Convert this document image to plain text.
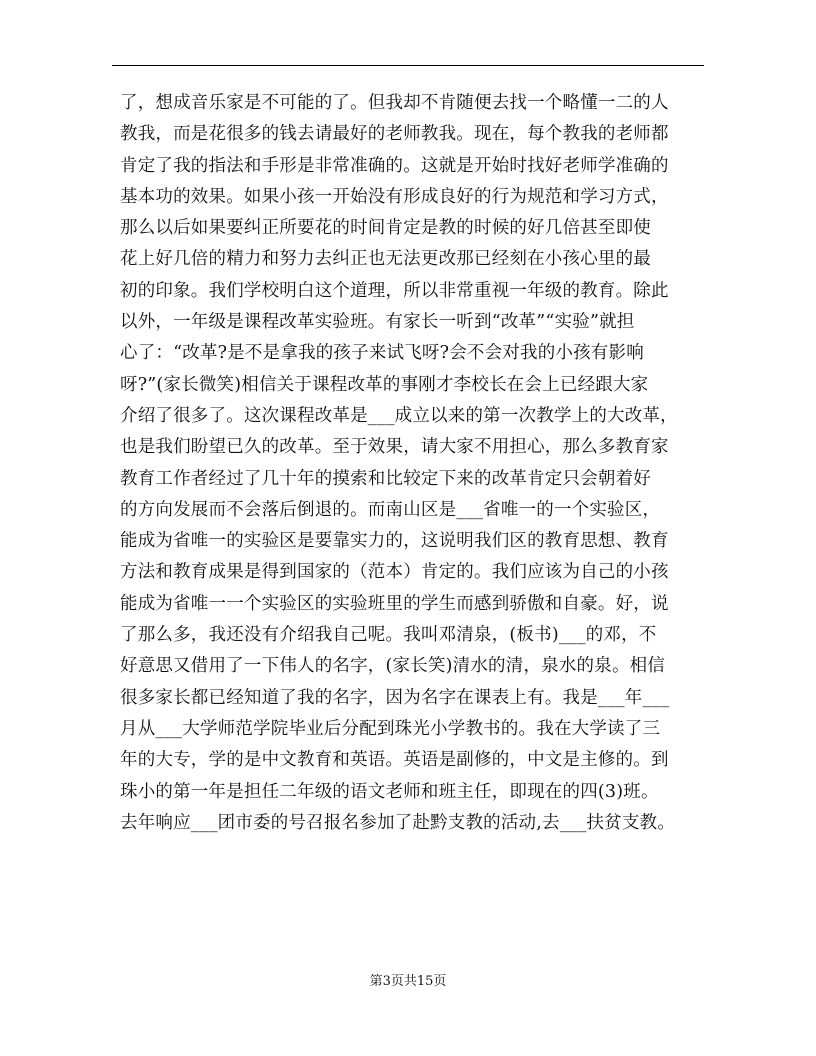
了，想成音乐家是不可能的了。但我却不肯随便去找一个略懂一二的人
教我，而是花很多的钱去请最好的老师教我。现在，每个教我的老师都
肯定了我的指法和手形是非常准确的。这就是开始时找好老师学准确的
基本功的效果。如果小孩一开始没有形成良好的行为规范和学习方式，
那么以后如果要纠正所要花的时间肯定是教的时候的好几倍甚至即使
花上好几倍的精力和努力去纠正也无法更改那已经刻在小孩心里的最
初的印象。我们学校明白这个道理，所以非常重视一年级的教育。除此
以外，一年级是课程改革实验班。有家长一听到“改革”“实验”就担
心了：“改革?是不是拿我的孩子来试飞呀?会不会对我的小孩有影响
呀?”(家长微笑)相信关于课程改革的事刚才李校长在会上已经跟大家
介绍了很多了。这次课程改革是___成立以来的第一次教学上的大改革，
也是我们盼望已久的改革。至于效果，请大家不用担心，那么多教育家
教育工作者经过了几十年的摸索和比较定下来的改革肯定只会朝着好
的方向发展而不会落后倒退的。而南山区是___省唯一的一个实验区，
能成为省唯一的实验区是要靠实力的，这说明我们区的教育思想、教育
方法和教育成果是得到国家的（范本）肯定的。我们应该为自己的小孩
能成为省唯一一个实验区的实验班里的学生而感到骄傲和自豪。好，说
了那么多，我还没有介绍我自己呢。我叫邓清泉，(板书)___的邓，不
好意思又借用了一下伟人的名字，(家长笑)清水的清，泉水的泉。相信
很多家长都已经知道了我的名字，因为名字在课表上有。我是___年___
月从___大学师范学院毕业后分配到珠光小学教书的。我在大学读了三
年的大专，学的是中文教育和英语。英语是副修的，中文是主修的。到
珠小的第一年是担任二年级的语文老师和班主任，即现在的四(3)班。
去年响应___团市委的号召报名参加了赴黔支教的活动,去___扶贫支教。
第3页共15页
